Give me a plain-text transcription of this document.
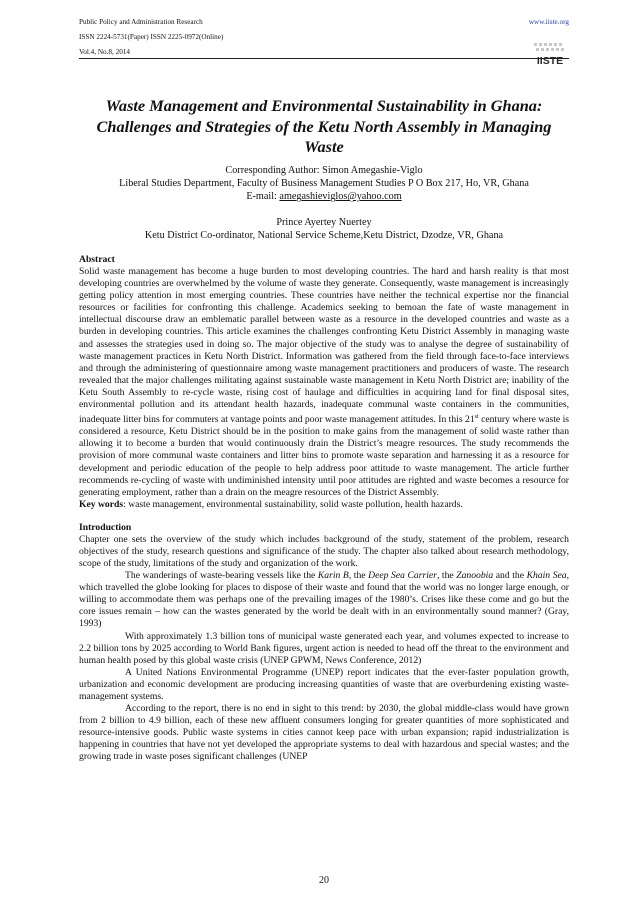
Public Policy and Administration Research	www.iiste.org
ISSN 2224-5731(Paper) ISSN 2225-0972(Online)
Vol.4, No.8, 2014
IISTE
Waste Management and Environmental Sustainability in Ghana: Challenges and Strategies of the Ketu North Assembly in Managing Waste
Corresponding Author: Simon Amegashie-Viglo
Liberal Studies Department, Faculty of Business Management Studies P O Box 217, Ho, VR, Ghana
E-mail: amegashieviglos@yahoo.com
Prince Ayertey Nuertey
Ketu District Co-ordinator, National Service Scheme,Ketu District, Dzodze, VR, Ghana
Abstract

Solid waste management has become a huge burden to most developing countries. The hard and harsh reality is that most developing countries are overwhelmed by the volume of waste they generate. Consequently, waste management is increasingly getting policy attention in most emerging countries. These countries have neither the technical expertise nor the financial resources or facilities for confronting this challenge. Academics seeking to bemoan the fate of waste management in intellectual discourse draw an emblematic parallel between waste as a resource in the developed countries and waste as a burden in developing countries. This article examines the challenges confronting Ketu District Assembly in managing waste and assesses the strategies used in doing so. The major objective of the study was to analyse the degree of sustainability of waste management practices in Ketu North District. Information was gathered from the field through face-to-face interviews and through the administering of questionnaire among waste management practitioners and producers of waste. The research revealed that the major challenges militating against sustainable waste management in Ketu North District are; inability of the Ketu South Assembly to re-cycle waste, rising cost of haulage and difficulties in acquiring land for final disposal sites, environmental pollution and its attendant health hazards, inadequate communal waste containers in the communities, inadequate litter bins for commuters at vantage points and poor waste management attitudes. In this 21st century where waste is considered a resource, Ketu District should be in the position to make gains from the management of solid waste rather than allowing it to become a burden that would continuously drain the District’s meagre resources. The study recommends the provision of more communal waste containers and litter bins to promote waste separation and harnessing it as a resource for development and periodic education of the people to help address poor attitude to waste management. The article further recommends re-cycling of waste with undiminished intensity until poor attitudes are righted and waste becomes a resource for generating employment, rather than a drain on the meagre resources of the District Assembly.

Key words: waste management, environmental sustainability, solid waste pollution, health hazards.

Introduction

Chapter one sets the overview of the study which includes background of the study, statement of the problem, research objectives of the study, research questions and significance of the study. The chapter also talked about research methodology, scope of the study, limitations of the study and organization of the work.

The wanderings of waste-bearing vessels like the Karin B, the Deep Sea Carrier, the Zanoobia and the Khain Sea, which travelled the globe looking for places to dispose of their waste and found that the world was no longer large enough, or willing to accommodate them was perhaps one of the prevailing images of the 1980’s. Crises like these come and go but the core issues remain – how can the wastes generated by the world be dealt with in an environmentally sound manner? (Gray, 1993)

With approximately 1.3 billion tons of municipal waste generated each year, and volumes expected to increase to 2.2 billion tons by 2025 according to World Bank figures, urgent action is needed to head off the threat to the environment and human health posed by this global waste crisis (UNEP GPWM, News Conference, 2012)

A United Nations Environmental Programme (UNEP) report indicates that the ever-faster population growth, urbanization and economic development are producing increasing quantities of waste that are overburdening existing waste-management systems.

According to the report, there is no end in sight to this trend: by 2030, the global middle-class would have grown from 2 billion to 4.9 billion, each of these new affluent consumers longing for greater quantities of more sophisticated and resource-intensive goods. Public waste systems in cities cannot keep pace with urban expansion; rapid industrialization is happening in countries that have not yet developed the appropriate systems to deal with hazardous and special wastes; and the growing trade in waste poses significant challenges (UNEP

20
